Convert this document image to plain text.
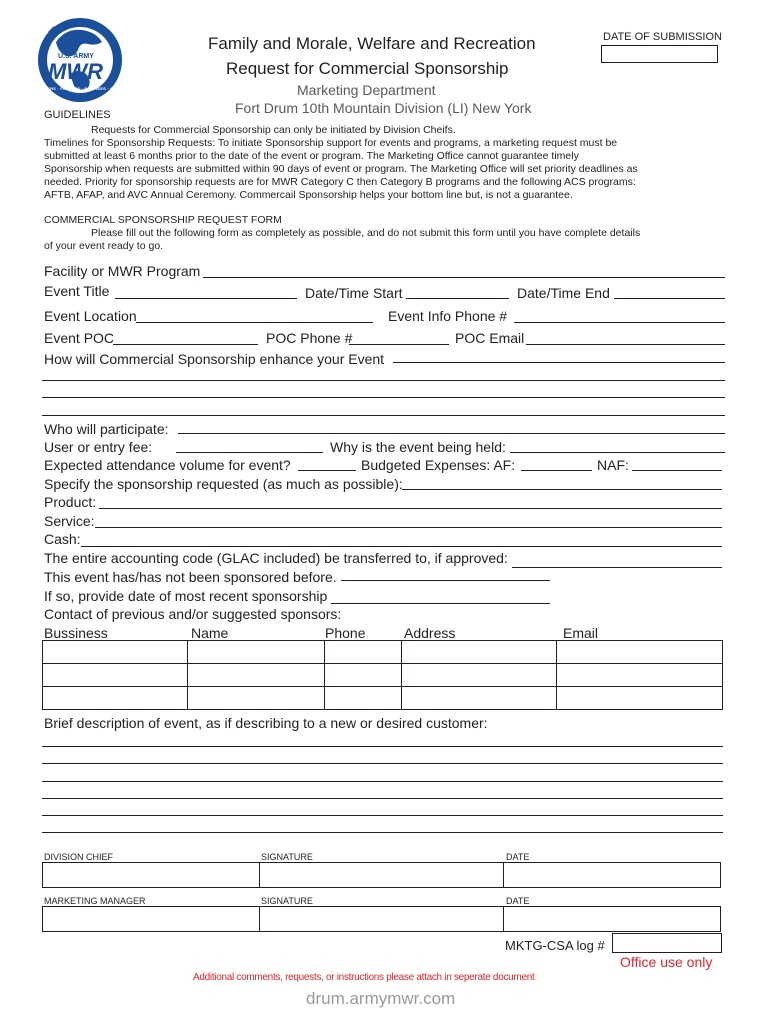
U.S. ARMY
MWR
SOLDIERS · FAMILIES · RETIREES · CIVILIANS
Family and Morale, Welfare and Recreation
Request for Commercial Sponsorship
Marketing Department
Fort Drum 10th Mountain Division (LI) New York
DATE OF SUBMISSION
GUIDELINES
Requests for Commercial Sponsorship can only be initiated by Division Cheifs.
Timelines for Sponsorship Requests: To initiate Sponsorship support for events and programs, a marketing request must be
submitted at least 6 months prior to the date of the event or program. The Marketing Office cannot guarantee timely
Sponsorship when requests are submitted within 90 days of event or program. The Marketing Office will set priority deadlines as
needed. Priority for sponsorship requests are for MWR Category C then Category B programs and the following ACS programs:
AFTB, AFAP, and AVC Annual Ceremony. Commercail Sponsorship helps your bottom line but, is not a guarantee.
COMMERCIAL SPONSORSHIP REQUEST FORM
Please fill out the following form as completely as possible, and do not submit this form until you have complete details
of your event ready to go.
Facility or MWR Program
Event Title	Date/Time Start	Date/Time End
Event Location	Event Info Phone #
Event POC	POC Phone #	POC Email
How will Commercial Sponsorship enhance your Event
Who will participate:
User or entry fee:	Why is the event being held:
Expected attendance volume for event?	Budgeted Expenses: AF:	NAF:
Specify the sponsorship requested (as much as possible):
Product:
Service:
Cash:
The entire accounting code (GLAC included) be transferred to, if approved:
This event has/has not been sponsored before.
If so, provide date of most recent sponsorship
Contact of previous and/or suggested sponsors:
Bussiness	Name	Phone	Address	Email

Brief description of event, as if describing to a new or desired customer:
DIVISION CHIEF	SIGNATURE	DATE
MARKETING MANAGER	SIGNATURE	DATE
MKTG-CSA log #
Office use only
Additional comments, requests, or instructions please attach in seperate document
drum.armymwr.com
